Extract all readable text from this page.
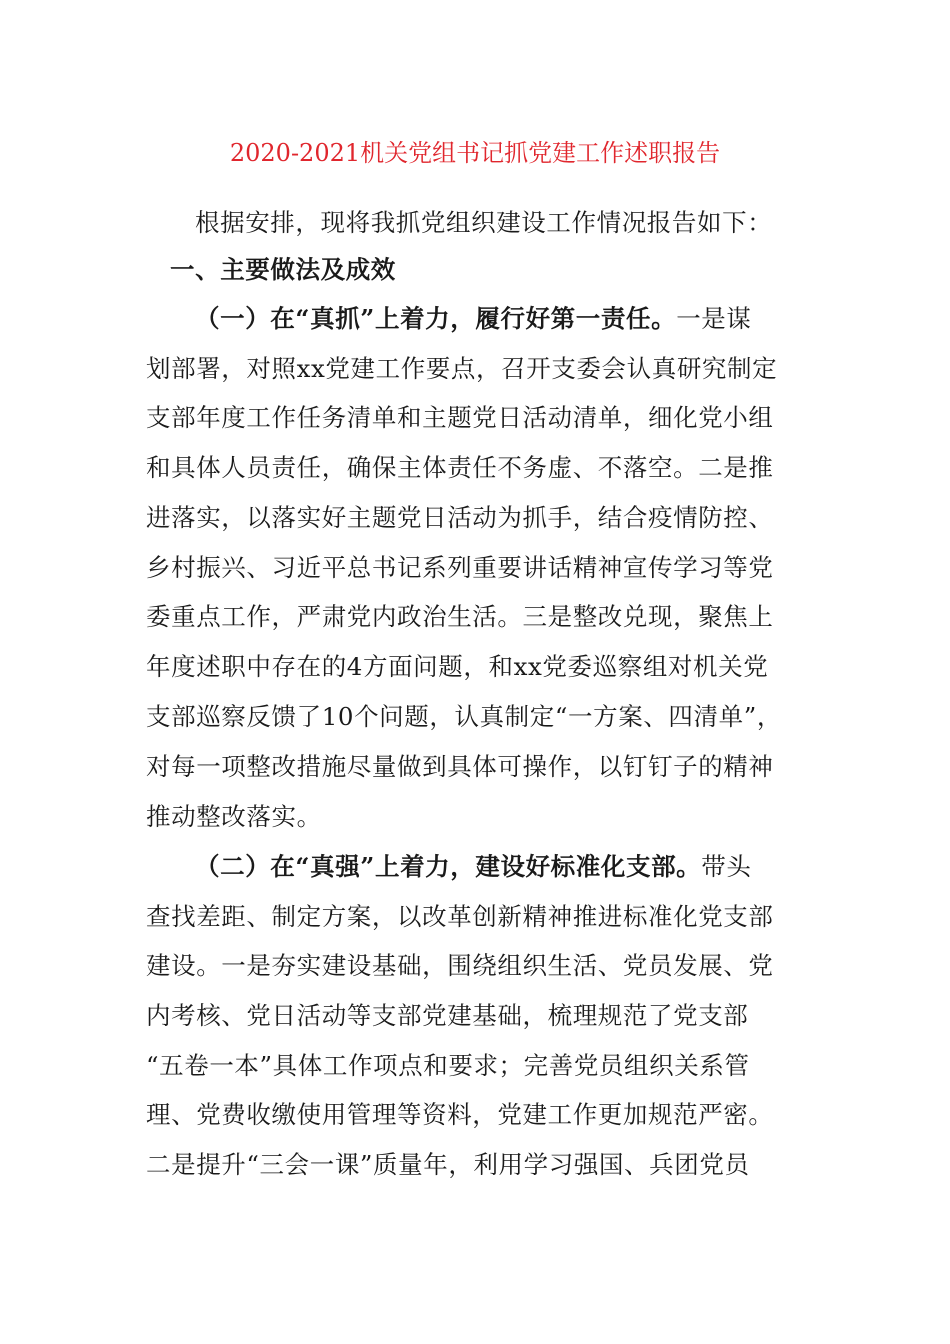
2020-2021机关党组书记抓党建工作述职报告
根据安排，现将我抓党组织建设工作情况报告如下：
一、主要做法及成效
（一）在“真抓”上着力，履行好第一责任。一是谋
划部署，对照xx党建工作要点，召开支委会认真研究制定
支部年度工作任务清单和主题党日活动清单，细化党小组
和具体人员责任，确保主体责任不务虚、不落空。二是推
进落实，以落实好主题党日活动为抓手，结合疫情防控、
乡村振兴、习近平总书记系列重要讲话精神宣传学习等党
委重点工作，严肃党内政治生活。三是整改兑现，聚焦上
年度述职中存在的4方面问题，和xx党委巡察组对机关党
支部巡察反馈了10个问题，认真制定“一方案、四清单”，
对每一项整改措施尽量做到具体可操作，以钉钉子的精神
推动整改落实。
（二）在“真强”上着力，建设好标准化支部。带头
查找差距、制定方案，以改革创新精神推进标准化党支部
建设。一是夯实建设基础，围绕组织生活、党员发展、党
内考核、党日活动等支部党建基础，梳理规范了党支部
“五卷一本”具体工作项点和要求；完善党员组织关系管
理、党费收缴使用管理等资料，党建工作更加规范严密。
二是提升“三会一课”质量年，利用学习强国、兵团党员
